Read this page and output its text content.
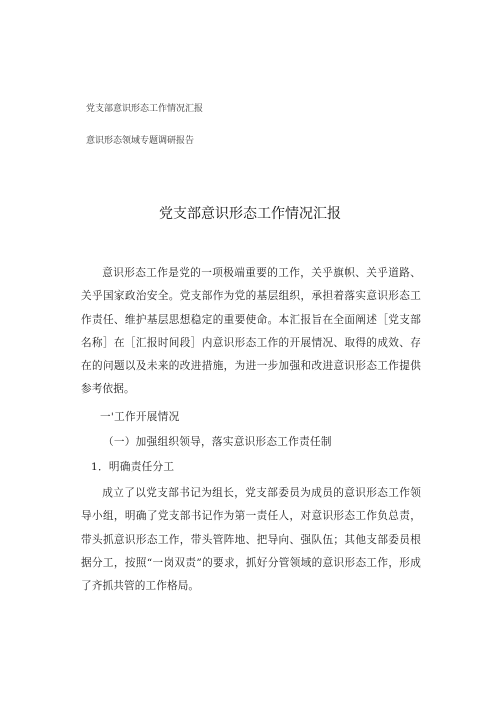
党支部意识形态工作情况汇报
意识形态领域专题调研报告
党支部意识形态工作情况汇报
意识形态工作是党的一项极端重要的工作，关乎旗帜、关乎道路、关乎国家政治安全。党支部作为党的基层组织，承担着落实意识形态工作责任、维护基层思想稳定的重要使命。本汇报旨在全面阐述［党支部名称］在［汇报时间段］内意识形态工作的开展情况、取得的成效、存在的问题以及未来的改进措施，为进一步加强和改进意识形态工作提供参考依据。
一'工作开展情况
（一）加强组织领导，落实意识形态工作责任制
1．明确责任分工
成立了以党支部书记为组长，党支部委员为成员的意识形态工作领导小组，明确了党支部书记作为第一责任人，对意识形态工作负总责，带头抓意识形态工作，带头管阵地、把导向、强队伍；其他支部委员根据分工，按照“一岗双责”的要求，抓好分管领域的意识形态工作，形成了齐抓共管的工作格局。
